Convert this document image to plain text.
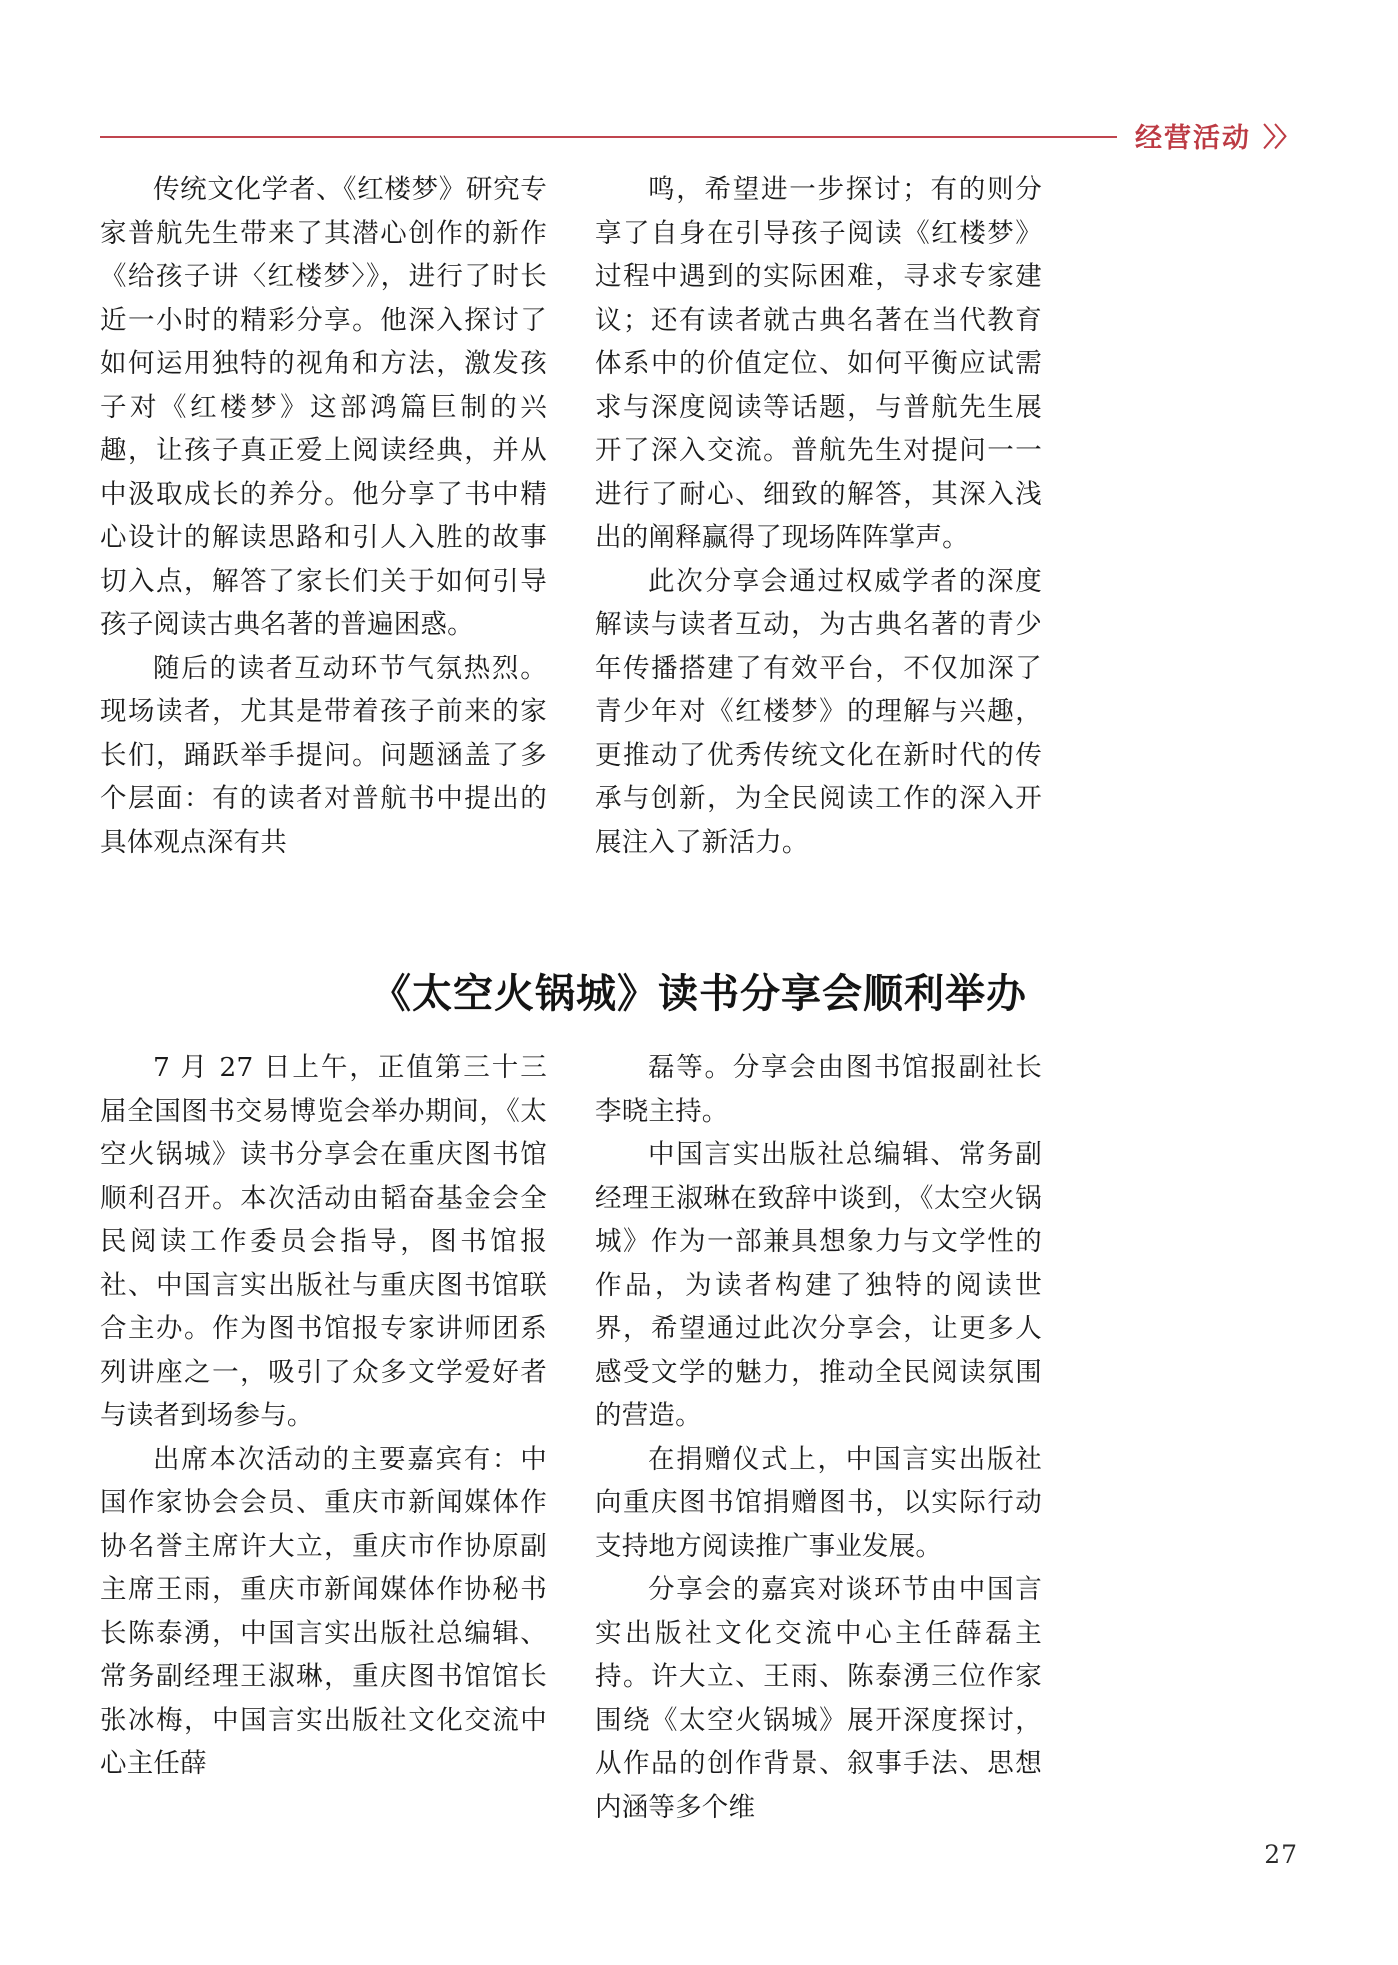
经营活动 〉〉

传统文化学者、《红楼梦》研究专家普航先生带来了其潜心创作的新作《给孩子讲〈红楼梦〉》，进行了时长近一小时的精彩分享。他深入探讨了如何运用独特的视角和方法，激发孩子对《红楼梦》这部鸿篇巨制的兴趣，让孩子真正爱上阅读经典，并从中汲取成长的养分。他分享了书中精心设计的解读思路和引人入胜的故事切入点，解答了家长们关于如何引导孩子阅读古典名著的普遍困惑。

随后的读者互动环节气氛热烈。现场读者，尤其是带着孩子前来的家长们，踊跃举手提问。问题涵盖了多个层面：有的读者对普航书中提出的具体观点深有共

鸣，希望进一步探讨；有的则分享了自身在引导孩子阅读《红楼梦》过程中遇到的实际困难，寻求专家建议；还有读者就古典名著在当代教育体系中的价值定位、如何平衡应试需求与深度阅读等话题，与普航先生展开了深入交流。普航先生对提问一一进行了耐心、细致的解答，其深入浅出的阐释赢得了现场阵阵掌声。

此次分享会通过权威学者的深度解读与读者互动，为古典名著的青少年传播搭建了有效平台，不仅加深了青少年对《红楼梦》的理解与兴趣，更推动了优秀传统文化在新时代的传承与创新，为全民阅读工作的深入开展注入了新活力。

《太空火锅城》读书分享会顺利举办

7 月 27 日上午，正值第三十三届全国图书交易博览会举办期间，《太空火锅城》读书分享会在重庆图书馆顺利召开。本次活动由韬奋基金会全民阅读工作委员会指导，图书馆报社、中国言实出版社与重庆图书馆联合主办。作为图书馆报专家讲师团系列讲座之一，吸引了众多文学爱好者与读者到场参与。

出席本次活动的主要嘉宾有：中国作家协会会员、重庆市新闻媒体作协名誉主席许大立，重庆市作协原副主席王雨，重庆市新闻媒体作协秘书长陈泰湧，中国言实出版社总编辑、常务副经理王淑琳，重庆图书馆馆长张冰梅，中国言实出版社文化交流中心主任薛

磊等。分享会由图书馆报副社长李晓主持。

中国言实出版社总编辑、常务副经理王淑琳在致辞中谈到，《太空火锅城》作为一部兼具想象力与文学性的作品，为读者构建了独特的阅读世界，希望通过此次分享会，让更多人感受文学的魅力，推动全民阅读氛围的营造。

在捐赠仪式上，中国言实出版社向重庆图书馆捐赠图书，以实际行动支持地方阅读推广事业发展。

分享会的嘉宾对谈环节由中国言实出版社文化交流中心主任薛磊主持。许大立、王雨、陈泰湧三位作家围绕《太空火锅城》展开深度探讨，从作品的创作背景、叙事手法、思想内涵等多个维

27
